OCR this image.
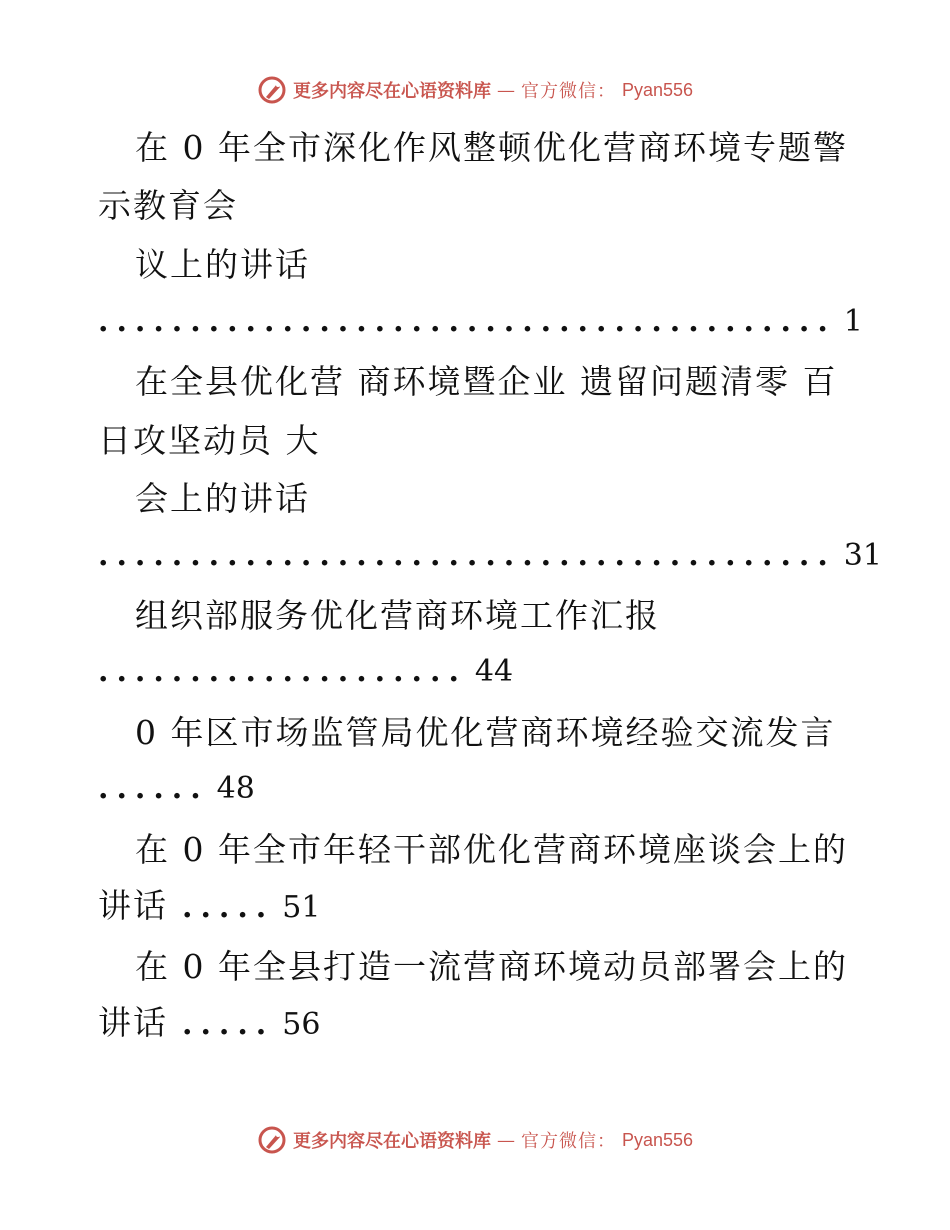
更多内容尽在心语资料库 — 官方微信： Pyan556
在 0 年全市深化作风整顿优化营商环境专题警
示教育会
议上的讲话
........................................ 1
在全县优化营 商环境暨企业 遗留问题清零 百
日攻坚动员 大
会上的讲话
........................................ 31
组织部服务优化营商环境工作汇报
.................... 44
0 年区市场监管局优化营商环境经验交流发言
...... 48
在 0 年全市年轻干部优化营商环境座谈会上的
讲话 ..... 51
在 0 年全县打造一流营商环境动员部署会上的
讲话 ..... 56
更多内容尽在心语资料库 — 官方微信： Pyan556
